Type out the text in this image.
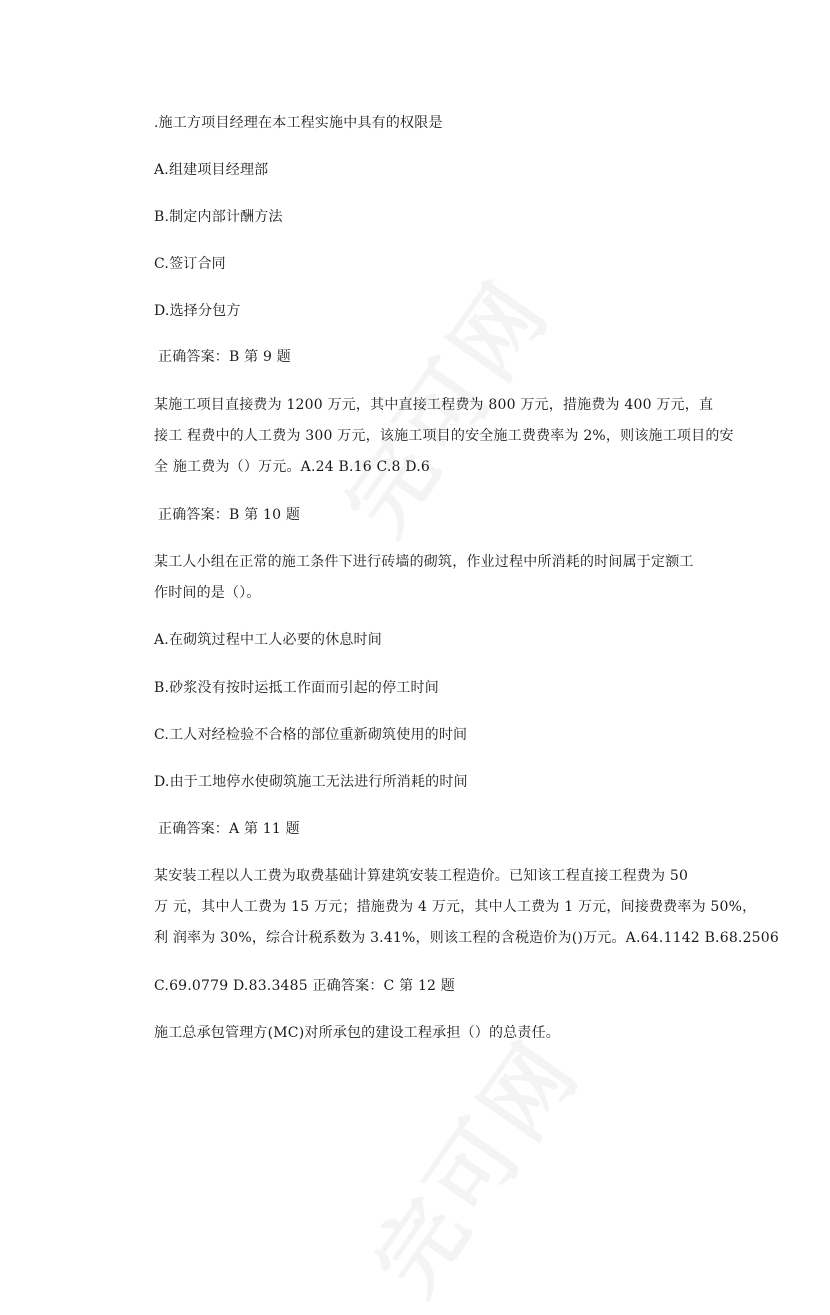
.施工方项目经理在本工程实施中具有的权限是
A.组建项目经理部
B.制定内部计酬方法
C.签订合同
D.选择分包方
正确答案：B 第 9 题
某施工项目直接费为 1200 万元，其中直接工程费为 800 万元，措施费为 400 万元，直
接工 程费中的人工费为 300 万元，该施工项目的安全施工费费率为 2%，则该施工项目的安
全 施工费为（）万元。A.24 B.16 C.8 D.6
正确答案：B 第 10 题
某工人小组在正常的施工条件下进行砖墙的砌筑，作业过程中所消耗的时间属于定额工
作时间的是（）。
A.在砌筑过程中工人必要的休息时间
B.砂浆没有按时运抵工作面而引起的停工时间
C.工人对经检验不合格的部位重新砌筑使用的时间
D.由于工地停水使砌筑施工无法进行所消耗的时间
正确答案：A 第 11 题
某安装工程以人工费为取费基础计算建筑安装工程造价。已知该工程直接工程费为 50
万 元，其中人工费为 15 万元；措施费为 4 万元，其中人工费为 1 万元，间接费费率为 50%，
利 润率为 30%，综合计税系数为 3.41%，则该工程的含税造价为()万元。A.64.1142 B.68.2506
C.69.0779 D.83.3485 正确答案：C 第 12 题
施工总承包管理方(MC)对所承包的建设工程承担（）的总责任。
